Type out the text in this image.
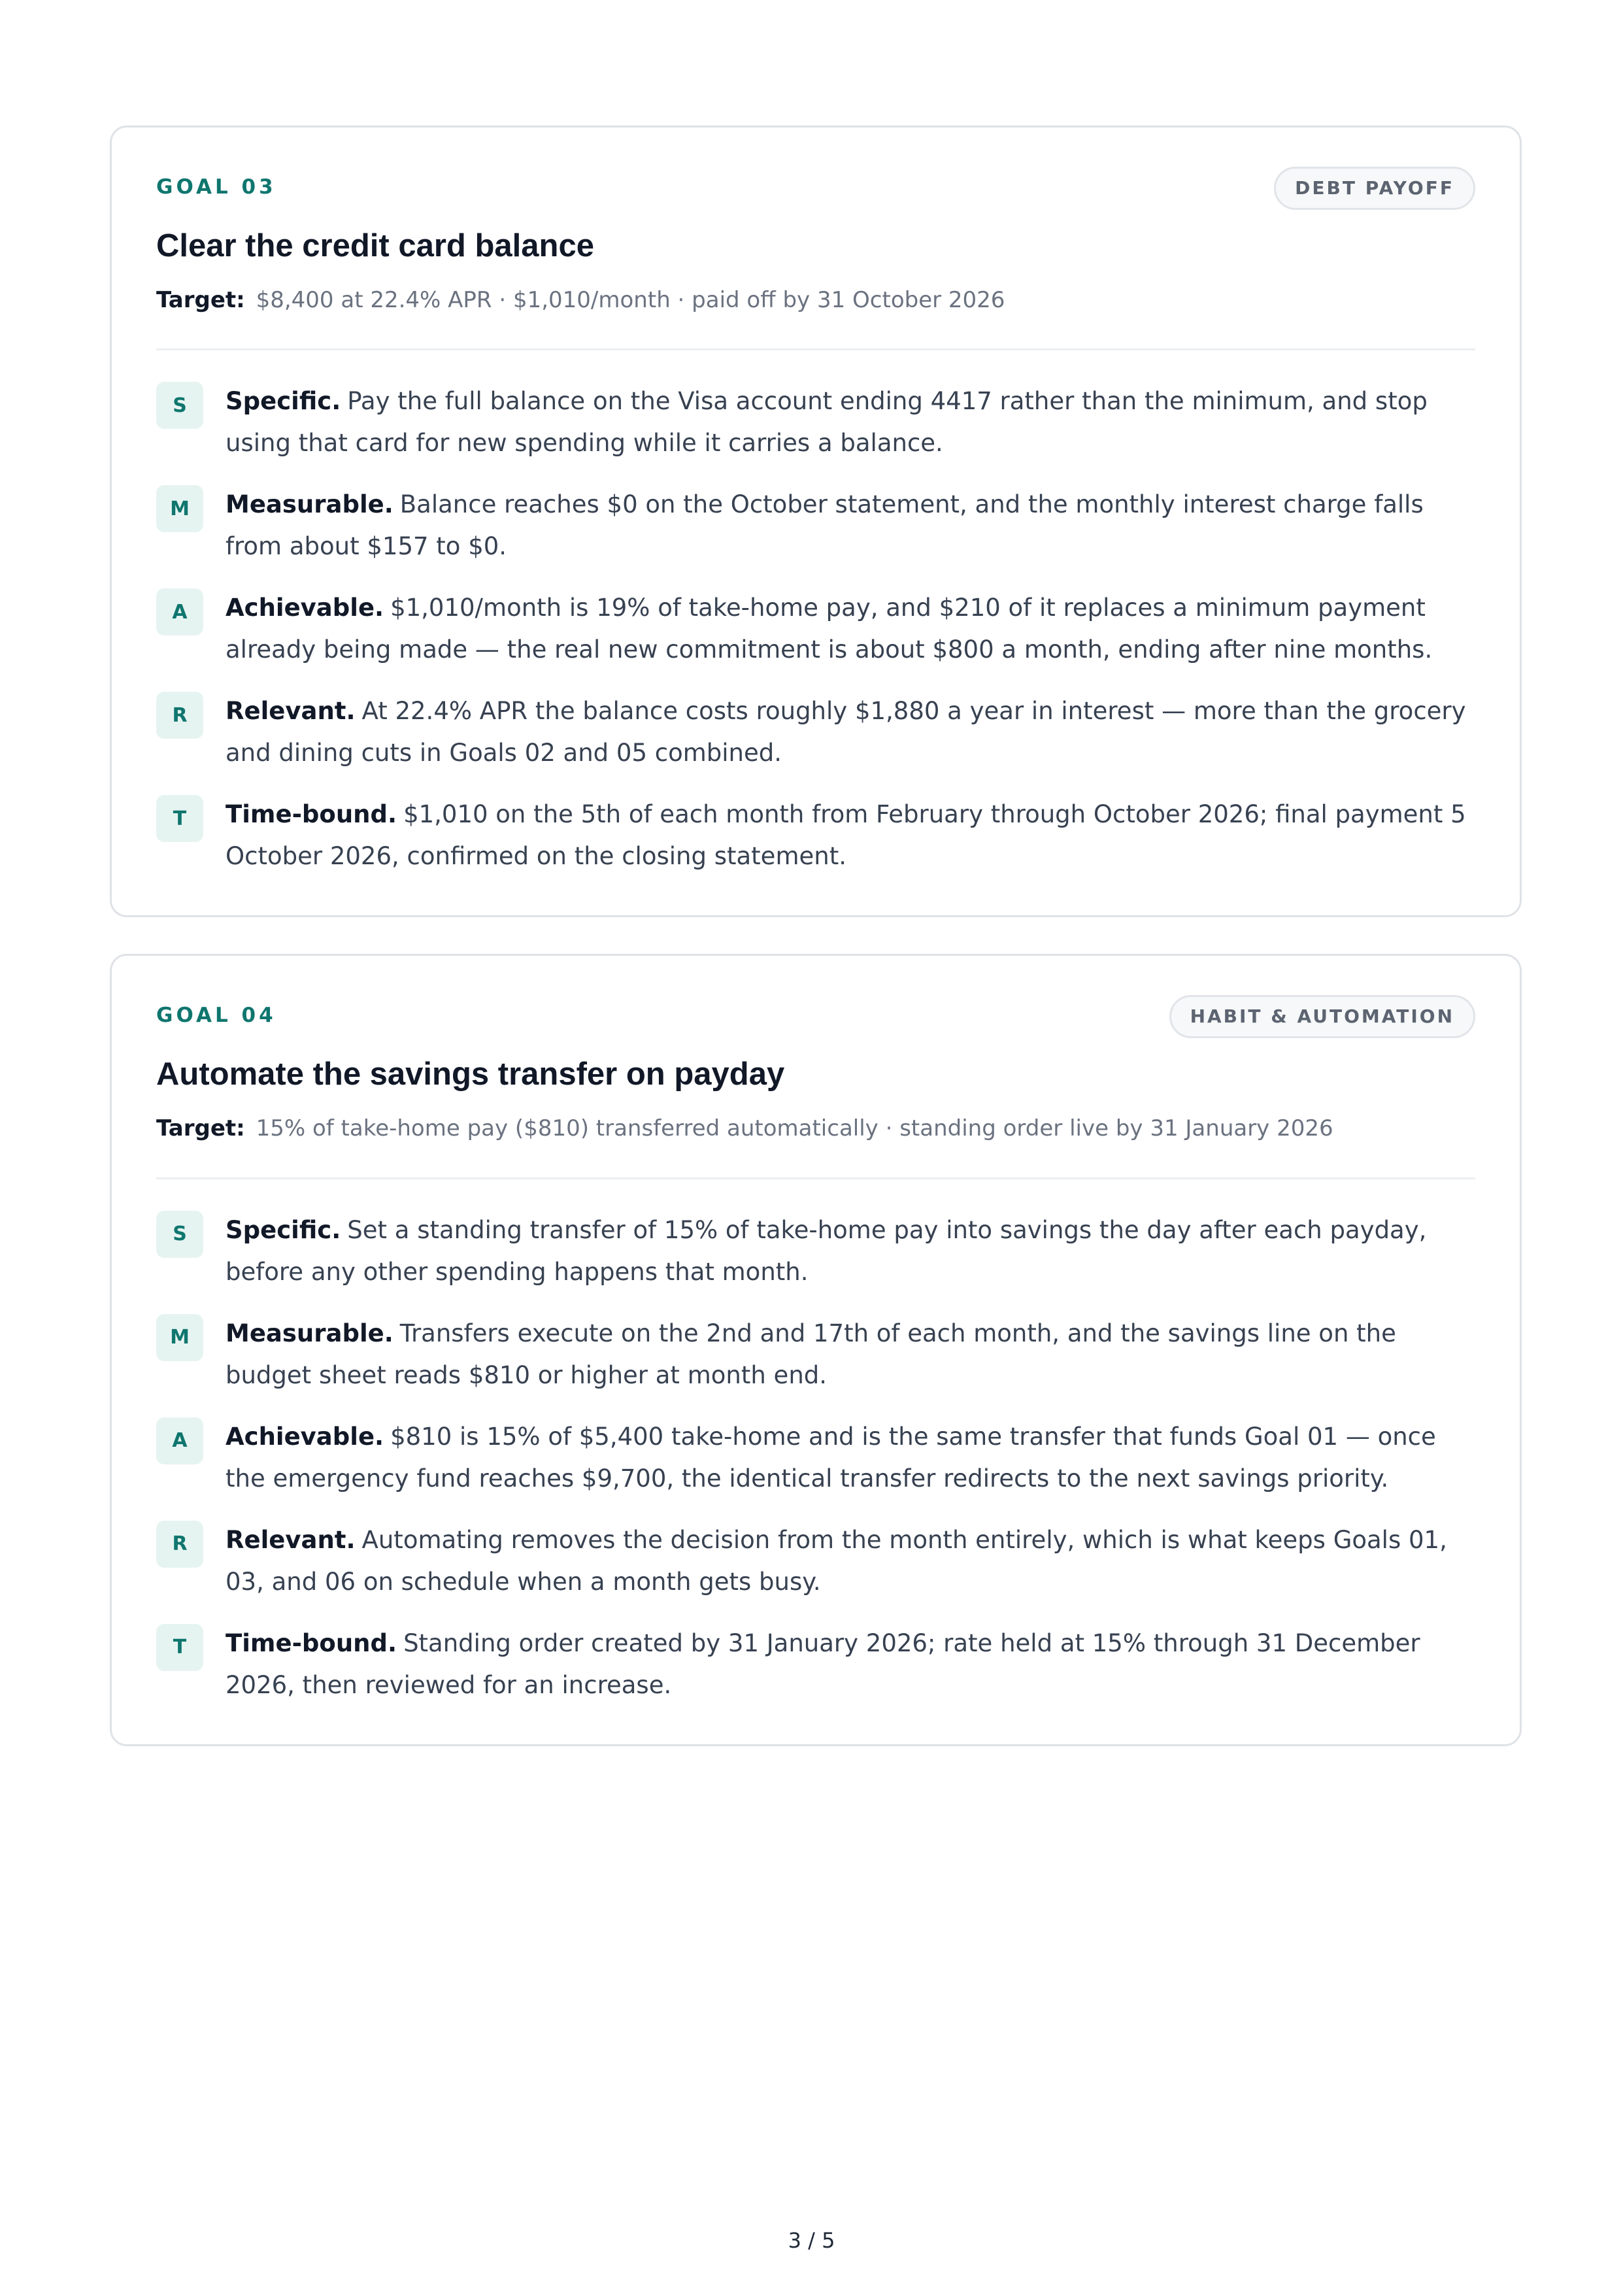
GOAL 03	DEBT PAYOFF
Clear the credit card balance
Target: $8,400 at 22.4% APR · $1,010/month · paid off by 31 October 2026
S	Specific. Pay the full balance on the Visa account ending 4417 rather than the minimum, and stop using that card for new spending while it carries a balance.
M	Measurable. Balance reaches $0 on the October statement, and the monthly interest charge falls from about $157 to $0.
A	Achievable. $1,010/month is 19% of take-home pay, and $210 of it replaces a minimum payment already being made — the real new commitment is about $800 a month, ending after nine months.
R	Relevant. At 22.4% APR the balance costs roughly $1,880 a year in interest — more than the grocery and dining cuts in Goals 02 and 05 combined.
T	Time-bound. $1,010 on the 5th of each month from February through October 2026; final payment 5 October 2026, confirmed on the closing statement.
GOAL 04	HABIT & AUTOMATION
Automate the savings transfer on payday
Target: 15% of take-home pay ($810) transferred automatically · standing order live by 31 January 2026
S	Specific. Set a standing transfer of 15% of take-home pay into savings the day after each payday, before any other spending happens that month.
M	Measurable. Transfers execute on the 2nd and 17th of each month, and the savings line on the budget sheet reads $810 or higher at month end.
A	Achievable. $810 is 15% of $5,400 take-home and is the same transfer that funds Goal 01 — once the emergency fund reaches $9,700, the identical transfer redirects to the next savings priority.
R	Relevant. Automating removes the decision from the month entirely, which is what keeps Goals 01, 03, and 06 on schedule when a month gets busy.
T	Time-bound. Standing order created by 31 January 2026; rate held at 15% through 31 December 2026, then reviewed for an increase.
3 / 5
